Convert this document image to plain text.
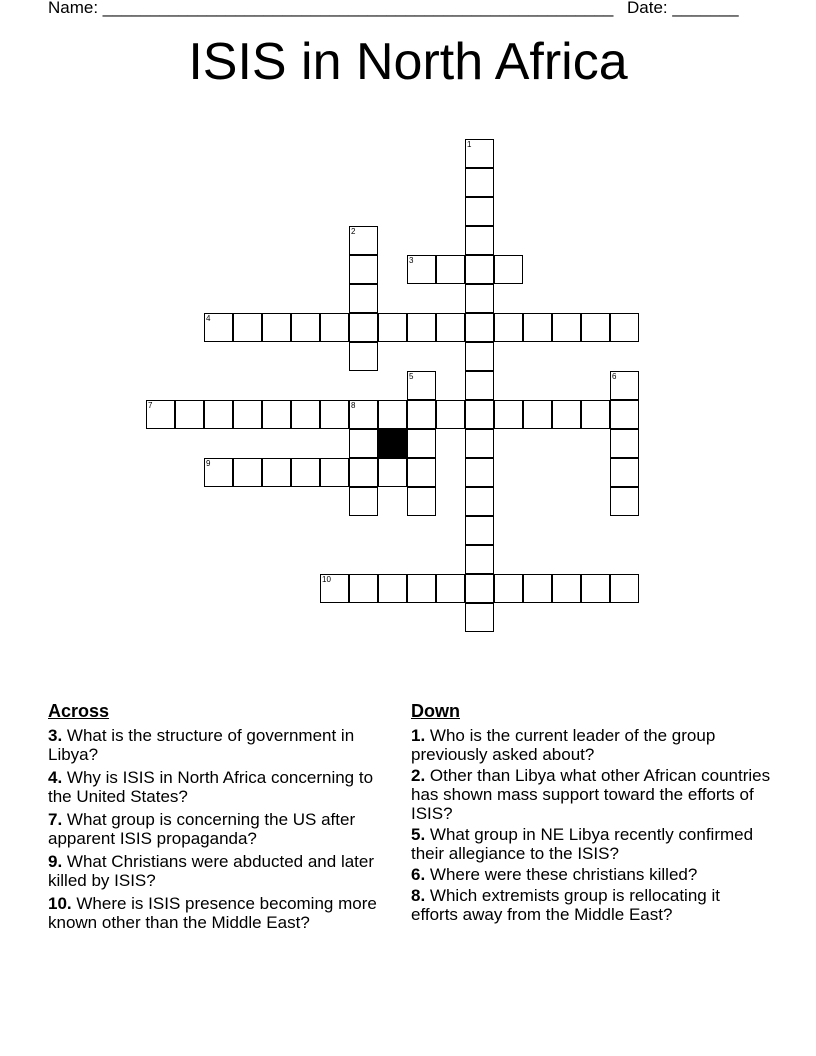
Name: ______________________________________________________ Date: _______
ISIS in North Africa
1
2
3
4
5	6
7	8
9
10
Across
3. What is the structure of government in Libya?
4. Why is ISIS in North Africa concerning to the United States?
7. What group is concerning the US after apparent ISIS propaganda?
9. What Christians were abducted and later killed by ISIS?
10. Where is ISIS presence becoming more known other than the Middle East?
Down
1. Who is the current leader of the group previously asked about?
2. Other than Libya what other African countries has shown mass support toward the efforts of ISIS?
5. What group in NE Libya recently confirmed their allegiance to the ISIS?
6. Where were these christians killed?
8. Which extremists group is rellocating it efforts away from the Middle East?
